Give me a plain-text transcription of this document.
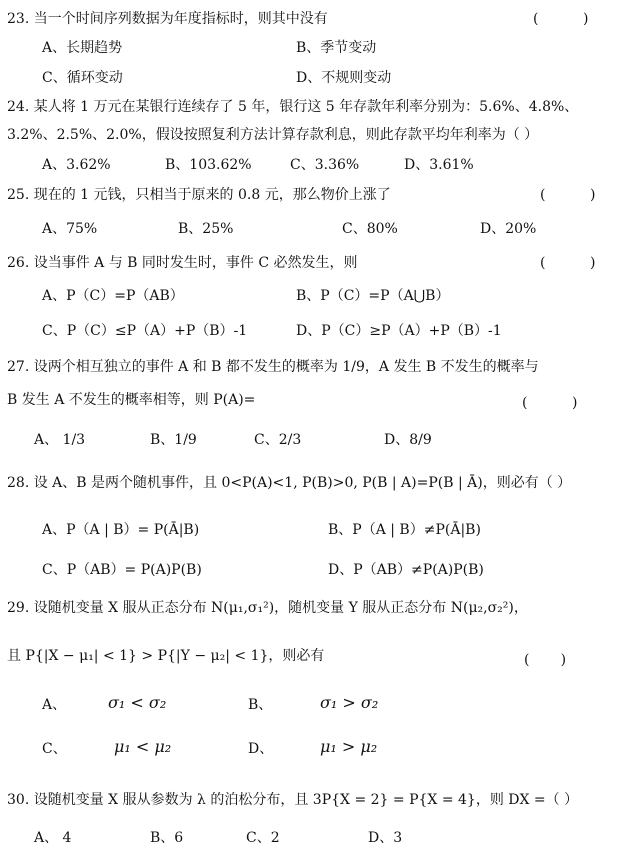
23. 当一个时间序列数据为年度指标时，则其中没有	(          )
A、长期趋势	B、季节变动
C、循环变动	D、不规则变动
24. 某人将 1 万元在某银行连续存了 5 年，银行这 5 年存款年利率分别为：5.6%、4.8%、
3.2%、2.5%、2.0%，假设按照复利方法计算存款利息，则此存款平均年利率为（ ）
A、3.62%	B、103.62%	C、3.36%	D、3.61%
25. 现在的 1 元钱，只相当于原来的 0.8 元，那么物价上涨了	(          )
A、75%	B、25%	C、80%	D、20%
26. 设当事件 A 与 B 同时发生时，事件 C 必然发生，则	(          )
A、P（C）=P（AB）	B、P（C）=P（A⋃B）
C、P（C）≤P（A）+P（B）-1	D、P（C）≥P（A）+P（B）-1
27. 设两个相互独立的事件 A 和 B 都不发生的概率为 1/9，A 发生 B 不发生的概率与
B 发生 A 不发生的概率相等，则 P(A)=	(          )
A、 1/3	B、1/9	C、2/3	D、8/9
28. 设 A、B 是两个随机事件，且 0<P(A)<1, P(B)>0, P(B | A)=P(B | Ā)，则必有（ ）
A、P（A | B）= P(Ā|B)	B、P（A | B）≠P(Ā|B)
C、P（AB）= P(A)P(B)	D、P（AB）≠P(A)P(B)
29. 设随机变量 X 服从正态分布 N(μ₁,σ₁²)，随机变量 Y 服从正态分布 N(μ₂,σ₂²)，
且 P{|X − μ₁| < 1} > P{|Y − μ₂| < 1}，则必有	(       )
A、	σ₁ < σ₂	B、	σ₁ > σ₂
C、	μ₁ < μ₂	D、	μ₁ > μ₂
30. 设随机变量 X 服从参数为 λ 的泊松分布，且 3P{X = 2} = P{X = 4}，则 DX =（ ）
A、 4	B、6	C、2	D、3
